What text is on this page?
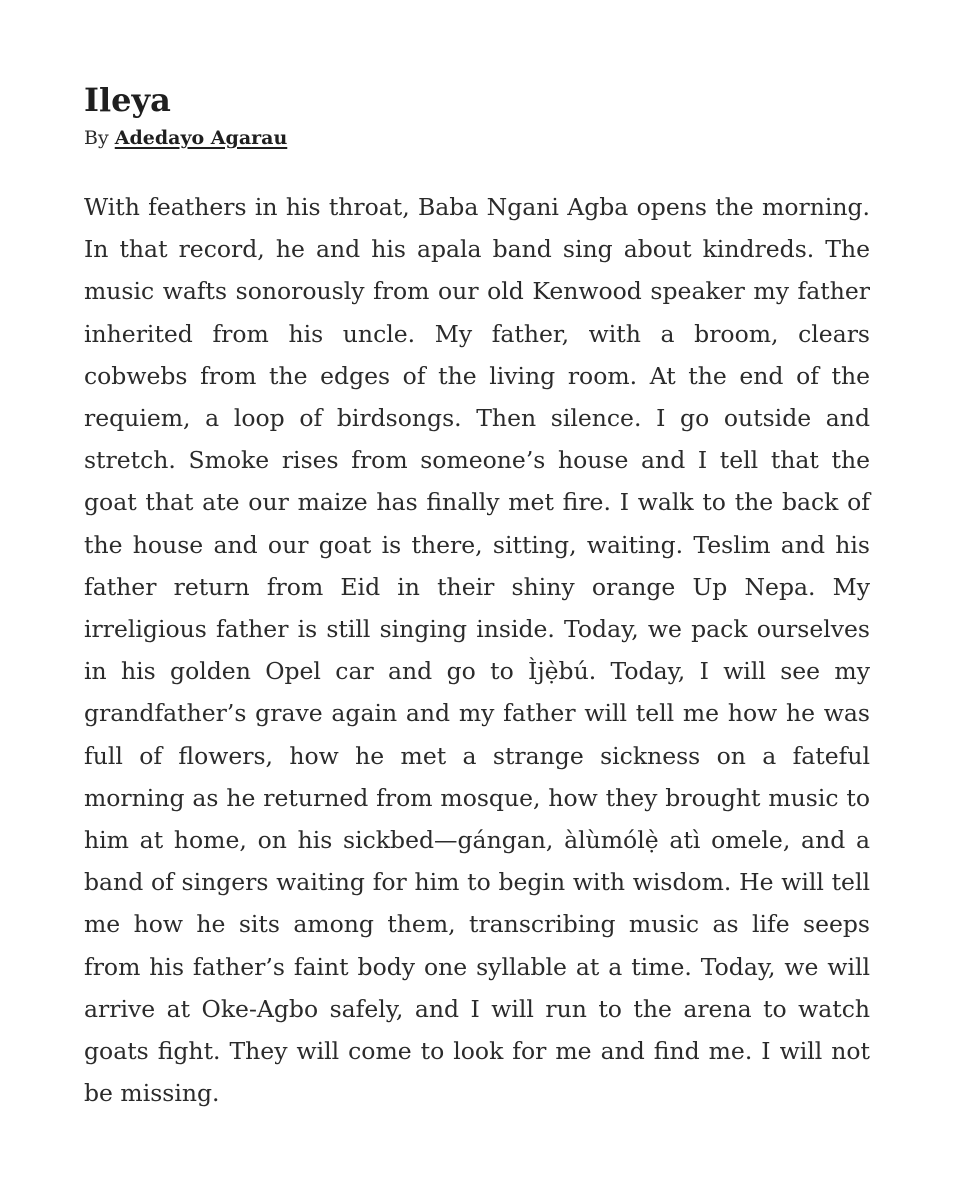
Ileya

By Adedayo Agarau

With feathers in his throat, Baba Ngani Agba opens the morning. In that record, he and his apala band sing about kindreds. The music wafts sonorously from our old Kenwood speaker my father inherited from his uncle. My father, with a broom, clears cobwebs from the edges of the living room. At the end of the requiem, a loop of birdsongs. Then silence. I go outside and stretch. Smoke rises from someone’s house and I tell that the goat that ate our maize has finally met fire. I walk to the back of the house and our goat is there, sitting, waiting. Teslim and his father return from Eid in their shiny orange Up Nepa. My irreligious father is still singing inside. Today, we pack ourselves in his golden Opel car and go to Ìjẹ̀bú. Today, I will see my grandfather’s grave again and my father will tell me how he was full of flowers, how he met a strange sickness on a fateful morning as he returned from mosque, how they brought music to him at home, on his sickbed—gángan, àlùmólẹ̀ atì omele, and a band of singers waiting for him to begin with wisdom. He will tell me how he sits among them, transcribing music as life seeps from his father’s faint body one syllable at a time. Today, we will arrive at Oke-Agbo safely, and I will run to the arena to watch goats fight. They will come to look for me and find me. I will not be missing.
